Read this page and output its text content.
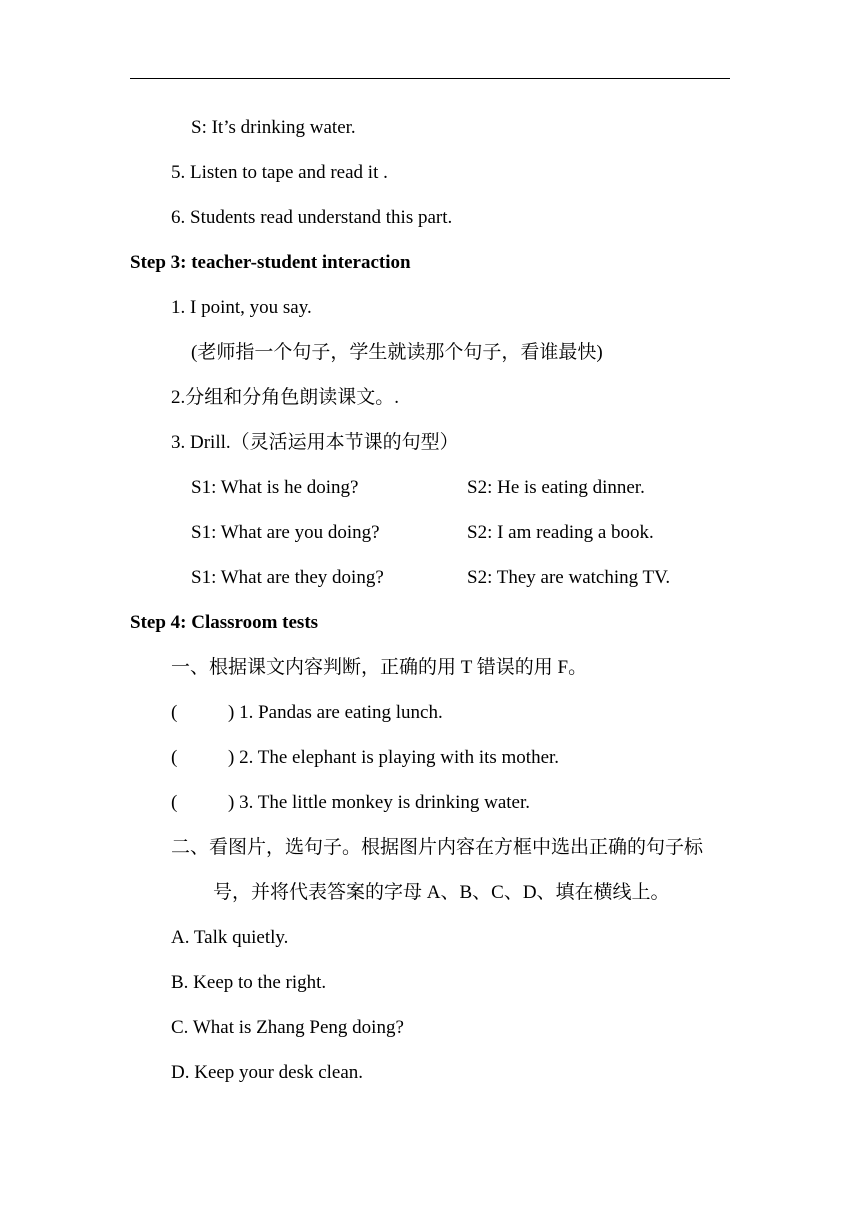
S: It’s drinking water.
5. Listen to tape and read it .
6. Students read understand this part.
Step 3: teacher-student interaction
1. I point, you say.
(老师指一个句子，学生就读那个句子，看谁最快)
2.分组和分角色朗读课文。.
3. Drill.（灵活运用本节课的句型）
S1: What is he doing?	S2: He is eating dinner.
S1: What are you doing?	S2: I am reading a book.
S1: What are they doing?	S2: They are watching TV.
Step 4: Classroom tests
一、根据课文内容判断，正确的用 T 错误的用 F。
(	) 1. Pandas are eating lunch.
(	) 2. The elephant is playing with its mother.
(	) 3. The little monkey is drinking water.
二、看图片，选句子。根据图片内容在方框中选出正确的句子标
号，并将代表答案的字母 A、B、C、D、填在横线上。
A. Talk quietly.
B. Keep to the right.
C. What is Zhang Peng doing?
D. Keep your desk clean.
